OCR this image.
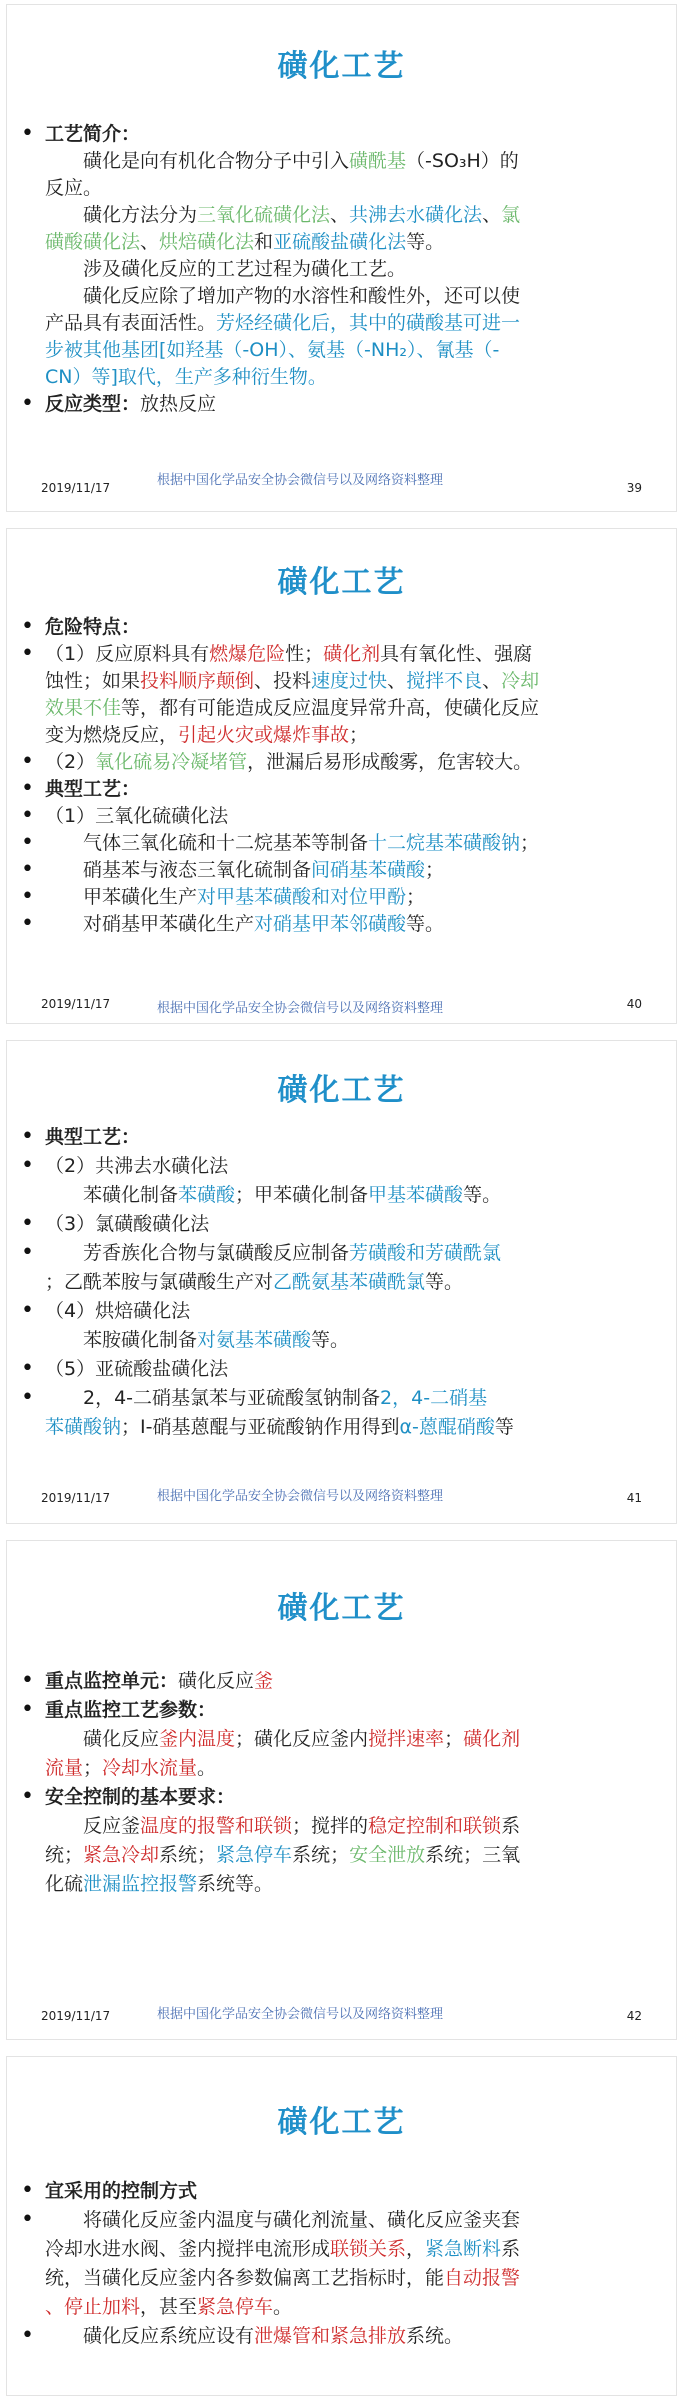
磺化工艺
2019/11/17	根据中国化学品安全协会微信号以及网络资料整理	39
• 工艺简介：
　　磺化是向有机化合物分子中引入磺酰基（-SO₃H）的
反应。
　　磺化方法分为三氧化硫磺化法、共沸去水磺化法、氯
磺酸磺化法、烘焙磺化法和亚硫酸盐磺化法等。
　　涉及磺化反应的工艺过程为磺化工艺。
　　磺化反应除了增加产物的水溶性和酸性外，还可以使
产品具有表面活性。芳烃经磺化后，其中的磺酸基可进一
步被其他基团[如羟基（-OH）、氨基（-NH₂）、氰基（-
CN）等]取代，生产多种衍生物。
• 反应类型：放热反应
磺化工艺
2019/11/17	根据中国化学品安全协会微信号以及网络资料整理	40
• 危险特点：
• （1）反应原料具有燃爆危险性；磺化剂具有氧化性、强腐
蚀性；如果投料顺序颠倒、投料速度过快、搅拌不良、冷却
效果不佳等，都有可能造成反应温度异常升高，使磺化反应
变为燃烧反应，引起火灾或爆炸事故；
• （2）氧化硫易冷凝堵管，泄漏后易形成酸雾，危害较大。
• 典型工艺：
• （1）三氧化硫磺化法
• 　　气体三氧化硫和十二烷基苯等制备十二烷基苯磺酸钠；
• 　　硝基苯与液态三氧化硫制备间硝基苯磺酸；
• 　　甲苯磺化生产对甲基苯磺酸和对位甲酚；
• 　　对硝基甲苯磺化生产对硝基甲苯邻磺酸等。
磺化工艺
2019/11/17	根据中国化学品安全协会微信号以及网络资料整理	41
• 典型工艺：
• （2）共沸去水磺化法
　　苯磺化制备苯磺酸；甲苯磺化制备甲基苯磺酸等。
• （3）氯磺酸磺化法
• 　　芳香族化合物与氯磺酸反应制备芳磺酸和芳磺酰氯
；乙酰苯胺与氯磺酸生产对乙酰氨基苯磺酰氯等。
• （4）烘焙磺化法
　　苯胺磺化制备对氨基苯磺酸等。
• （5）亚硫酸盐磺化法
• 　　2，4-二硝基氯苯与亚硫酸氢钠制备2，4-二硝基
苯磺酸钠；Ⅰ-硝基蒽醌与亚硫酸钠作用得到α-蒽醌硝酸等
磺化工艺
2019/11/17	根据中国化学品安全协会微信号以及网络资料整理	42
• 重点监控单元：磺化反应釜
• 重点监控工艺参数：
　　磺化反应釜内温度；磺化反应釜内搅拌速率；磺化剂
流量；冷却水流量。
• 安全控制的基本要求：
　　反应釜温度的报警和联锁；搅拌的稳定控制和联锁系
统；紧急冷却系统；紧急停车系统；安全泄放系统；三氧
化硫泄漏监控报警系统等。
磺化工艺
• 宜采用的控制方式
• 　　将磺化反应釜内温度与磺化剂流量、磺化反应釜夹套
冷却水进水阀、釜内搅拌电流形成联锁关系，紧急断料系
统，当磺化反应釜内各参数偏离工艺指标时，能自动报警
、停止加料，甚至紧急停车。
• 　　磺化反应系统应设有泄爆管和紧急排放系统。
